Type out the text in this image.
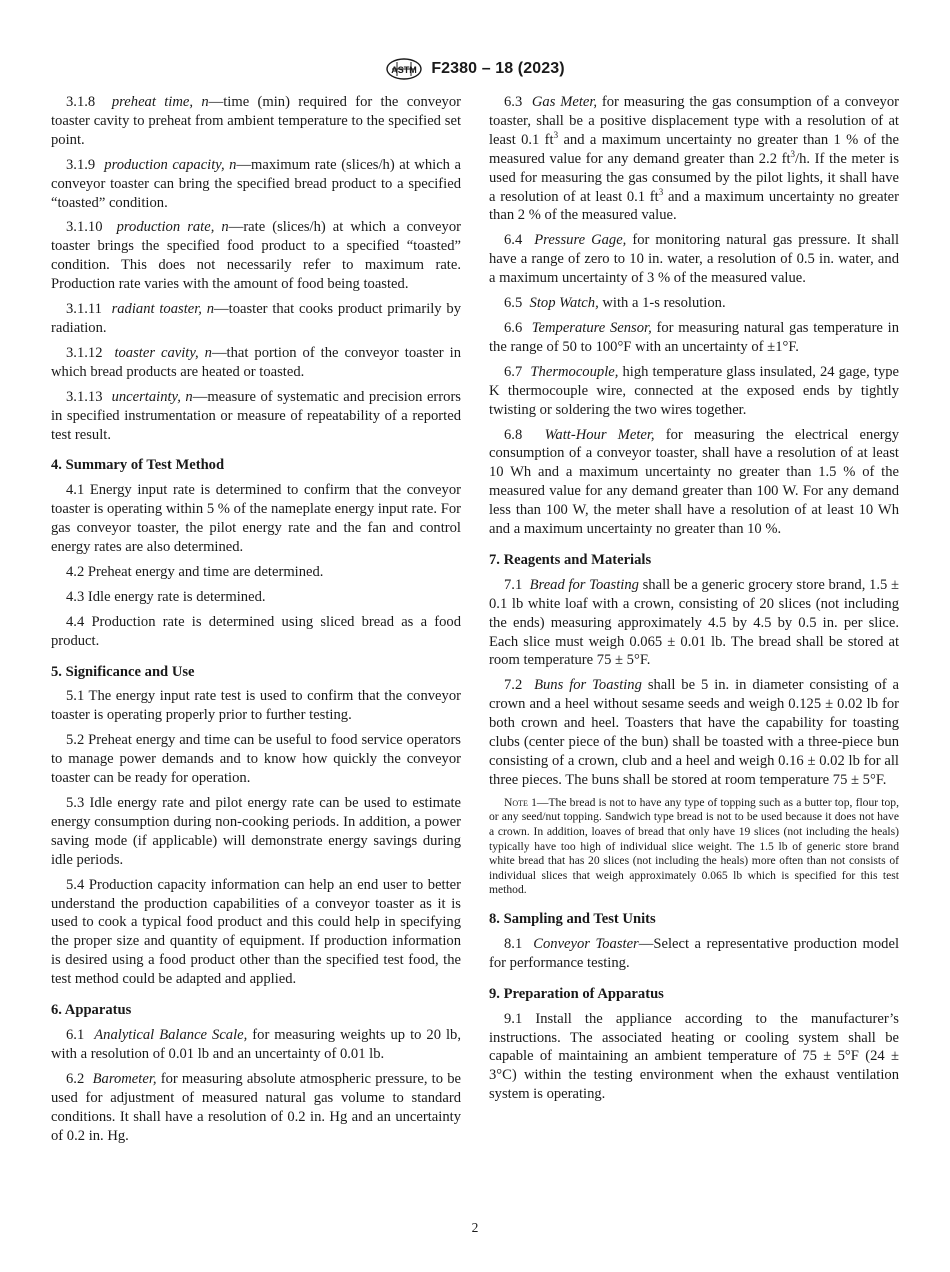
ASTM F2380 – 18 (2023)

3.1.8 preheat time, n—time (min) required for the conveyor toaster cavity to preheat from ambient temperature to the specified set point.

3.1.9 production capacity, n—maximum rate (slices/h) at which a conveyor toaster can bring the specified bread product to a specified “toasted” condition.

3.1.10 production rate, n—rate (slices/h) at which a conveyor toaster brings the specified food product to a specified “toasted” condition. This does not necessarily refer to maximum rate. Production rate varies with the amount of food being toasted.

3.1.11 radiant toaster, n—toaster that cooks product primarily by radiation.

3.1.12 toaster cavity, n—that portion of the conveyor toaster in which bread products are heated or toasted.

3.1.13 uncertainty, n—measure of systematic and precision errors in specified instrumentation or measure of repeatability of a reported test result.

4. Summary of Test Method

4.1 Energy input rate is determined to confirm that the conveyor toaster is operating within 5 % of the nameplate energy input rate. For gas conveyor toaster, the pilot energy rate and the fan and control energy rates are also determined.

4.2 Preheat energy and time are determined.

4.3 Idle energy rate is determined.

4.4 Production rate is determined using sliced bread as a food product.

5. Significance and Use

5.1 The energy input rate test is used to confirm that the conveyor toaster is operating properly prior to further testing.

5.2 Preheat energy and time can be useful to food service operators to manage power demands and to know how quickly the conveyor toaster can be ready for operation.

5.3 Idle energy rate and pilot energy rate can be used to estimate energy consumption during non-cooking periods. In addition, a power saving mode (if applicable) will demonstrate energy savings during idle periods.

5.4 Production capacity information can help an end user to better understand the production capabilities of a conveyor toaster as it is used to cook a typical food product and this could help in specifying the proper size and quantity of equipment. If production information is desired using a food product other than the specified test food, the test method could be adapted and applied.

6. Apparatus

6.1 Analytical Balance Scale, for measuring weights up to 20 lb, with a resolution of 0.01 lb and an uncertainty of 0.01 lb.

6.2 Barometer, for measuring absolute atmospheric pressure, to be used for adjustment of measured natural gas volume to standard conditions. It shall have a resolution of 0.2 in. Hg and an uncertainty of 0.2 in. Hg.

6.3 Gas Meter, for measuring the gas consumption of a conveyor toaster, shall be a positive displacement type with a resolution of at least 0.1 $ft^3$ and a maximum uncertainty no greater than 1 % of the measured value for any demand greater than 2.2 $ft^3/h$. If the meter is used for measuring the gas consumed by the pilot lights, it shall have a resolution of at least 0.1 $ft^3$ and a maximum uncertainty no greater than 2 % of the measured value.

6.4 Pressure Gage, for monitoring natural gas pressure. It shall have a range of zero to 10 in. water, a resolution of 0.5 in. water, and a maximum uncertainty of 3 % of the measured value.

6.5 Stop Watch, with a 1-s resolution.

6.6 Temperature Sensor, for measuring natural gas temperature in the range of 50 to 100°F with an uncertainty of ±1°F.

6.7 Thermocouple, high temperature glass insulated, 24 gage, type K thermocouple wire, connected at the exposed ends by tightly twisting or soldering the two wires together.

6.8 Watt-Hour Meter, for measuring the electrical energy consumption of a conveyor toaster, shall have a resolution of at least 10 Wh and a maximum uncertainty no greater than 1.5 % of the measured value for any demand greater than 100 W. For any demand less than 100 W, the meter shall have a resolution of at least 10 Wh and a maximum uncertainty no greater than 10 %.

7. Reagents and Materials

7.1 Bread for Toasting shall be a generic grocery store brand, 1.5 ± 0.1 lb white loaf with a crown, consisting of 20 slices (not including the ends) measuring approximately 4.5 by 4.5 by 0.5 in. per slice. Each slice must weigh 0.065 ± 0.01 lb. The bread shall be stored at room temperature 75 ± 5°F.

7.2 Buns for Toasting shall be 5 in. in diameter consisting of a crown and a heel without sesame seeds and weigh 0.125 ± 0.02 lb for both crown and heel. Toasters that have the capability for toasting clubs (center piece of the bun) shall be toasted with a three-piece bun consisting of a crown, club and a heel and weigh 0.16 ± 0.02 lb for all three pieces. The buns shall be stored at room temperature 75 ± 5°F.

Note 1—The bread is not to have any type of topping such as a butter top, flour top, or any seed/nut topping. Sandwich type bread is not to be used because it does not have a crown. In addition, loaves of bread that only have 19 slices (not including the heals) typically have too high of individual slice weight. The 1.5 lb of generic store brand white bread that has 20 slices (not including the heals) more often than not consists of individual slices that weigh approximately 0.065 lb which is specified for this test method.

8. Sampling and Test Units

8.1 Conveyor Toaster—Select a representative production model for performance testing.

9. Preparation of Apparatus

9.1 Install the appliance according to the manufacturer’s instructions. The associated heating or cooling system shall be capable of maintaining an ambient temperature of 75 ± 5°F (24 ± 3°C) within the testing environment when the exhaust ventilation system is operating.

2
